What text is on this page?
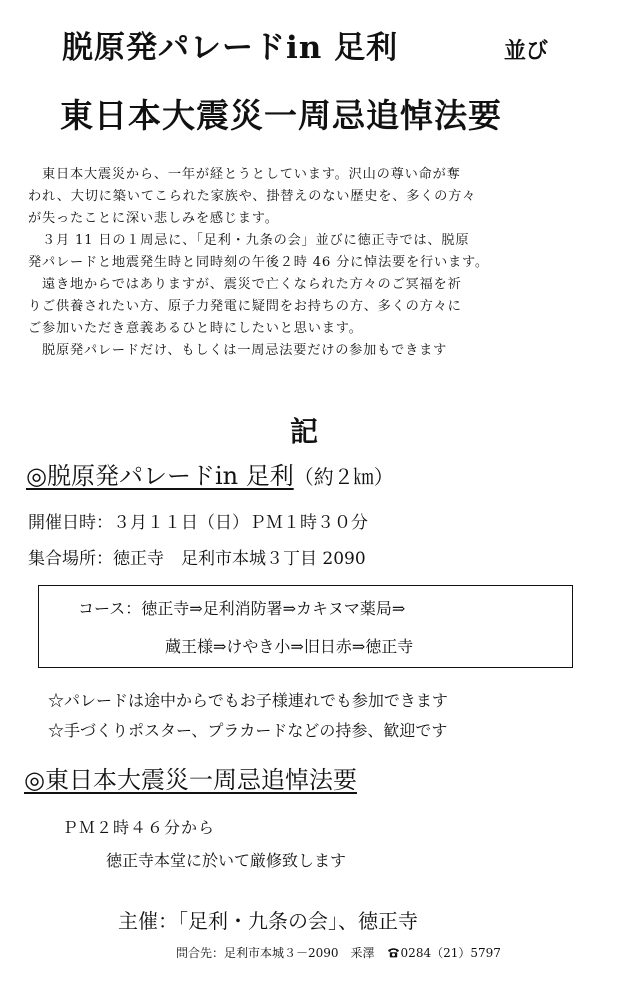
脱原発パレードin 足利	並び
東日本大震災一周忌追悼法要

　東日本大震災から、一年が経とうとしています。沢山の尊い命が奪

われ、大切に築いてこられた家族や、掛替えのない歴史を、多くの方々

が失ったことに深い悲しみを感じます。

　３月 11 日の１周忌に、「足利・九条の会」並びに徳正寺では、脱原

発パレードと地震発生時と同時刻の午後２時 46 分に悼法要を行います。

　遠き地からではありますが、震災で亡くなられた方々のご冥福を祈

りご供養されたい方、原子力発電に疑問をお持ちの方、多くの方々に

ご参加いただき意義あるひと時にしたいと思います。

　脱原発パレードだけ、もしくは一周忌法要だけの参加もできます

記
◎脱原発パレードin 足利（約２㎞）
開催日時：３月１１日（日）ＰＭ１時３０分
集合場所：徳正寺　足利市本城３丁目 2090
コース：徳正寺⇒足利消防署⇒カキヌマ薬局⇒
蔵王様⇒けやき小⇒旧日赤⇒徳正寺
☆パレードは途中からでもお子様連れでも参加できます
☆手づくりポスター、プラカードなどの持参、歓迎です
◎東日本大震災一周忌追悼法要
ＰＭ２時４６分から
徳正寺本堂に於いて厳修致します
主催：「足利・九条の会」、徳正寺
問合先：足利市本城３－2090　釆澤　0284（21）5797
